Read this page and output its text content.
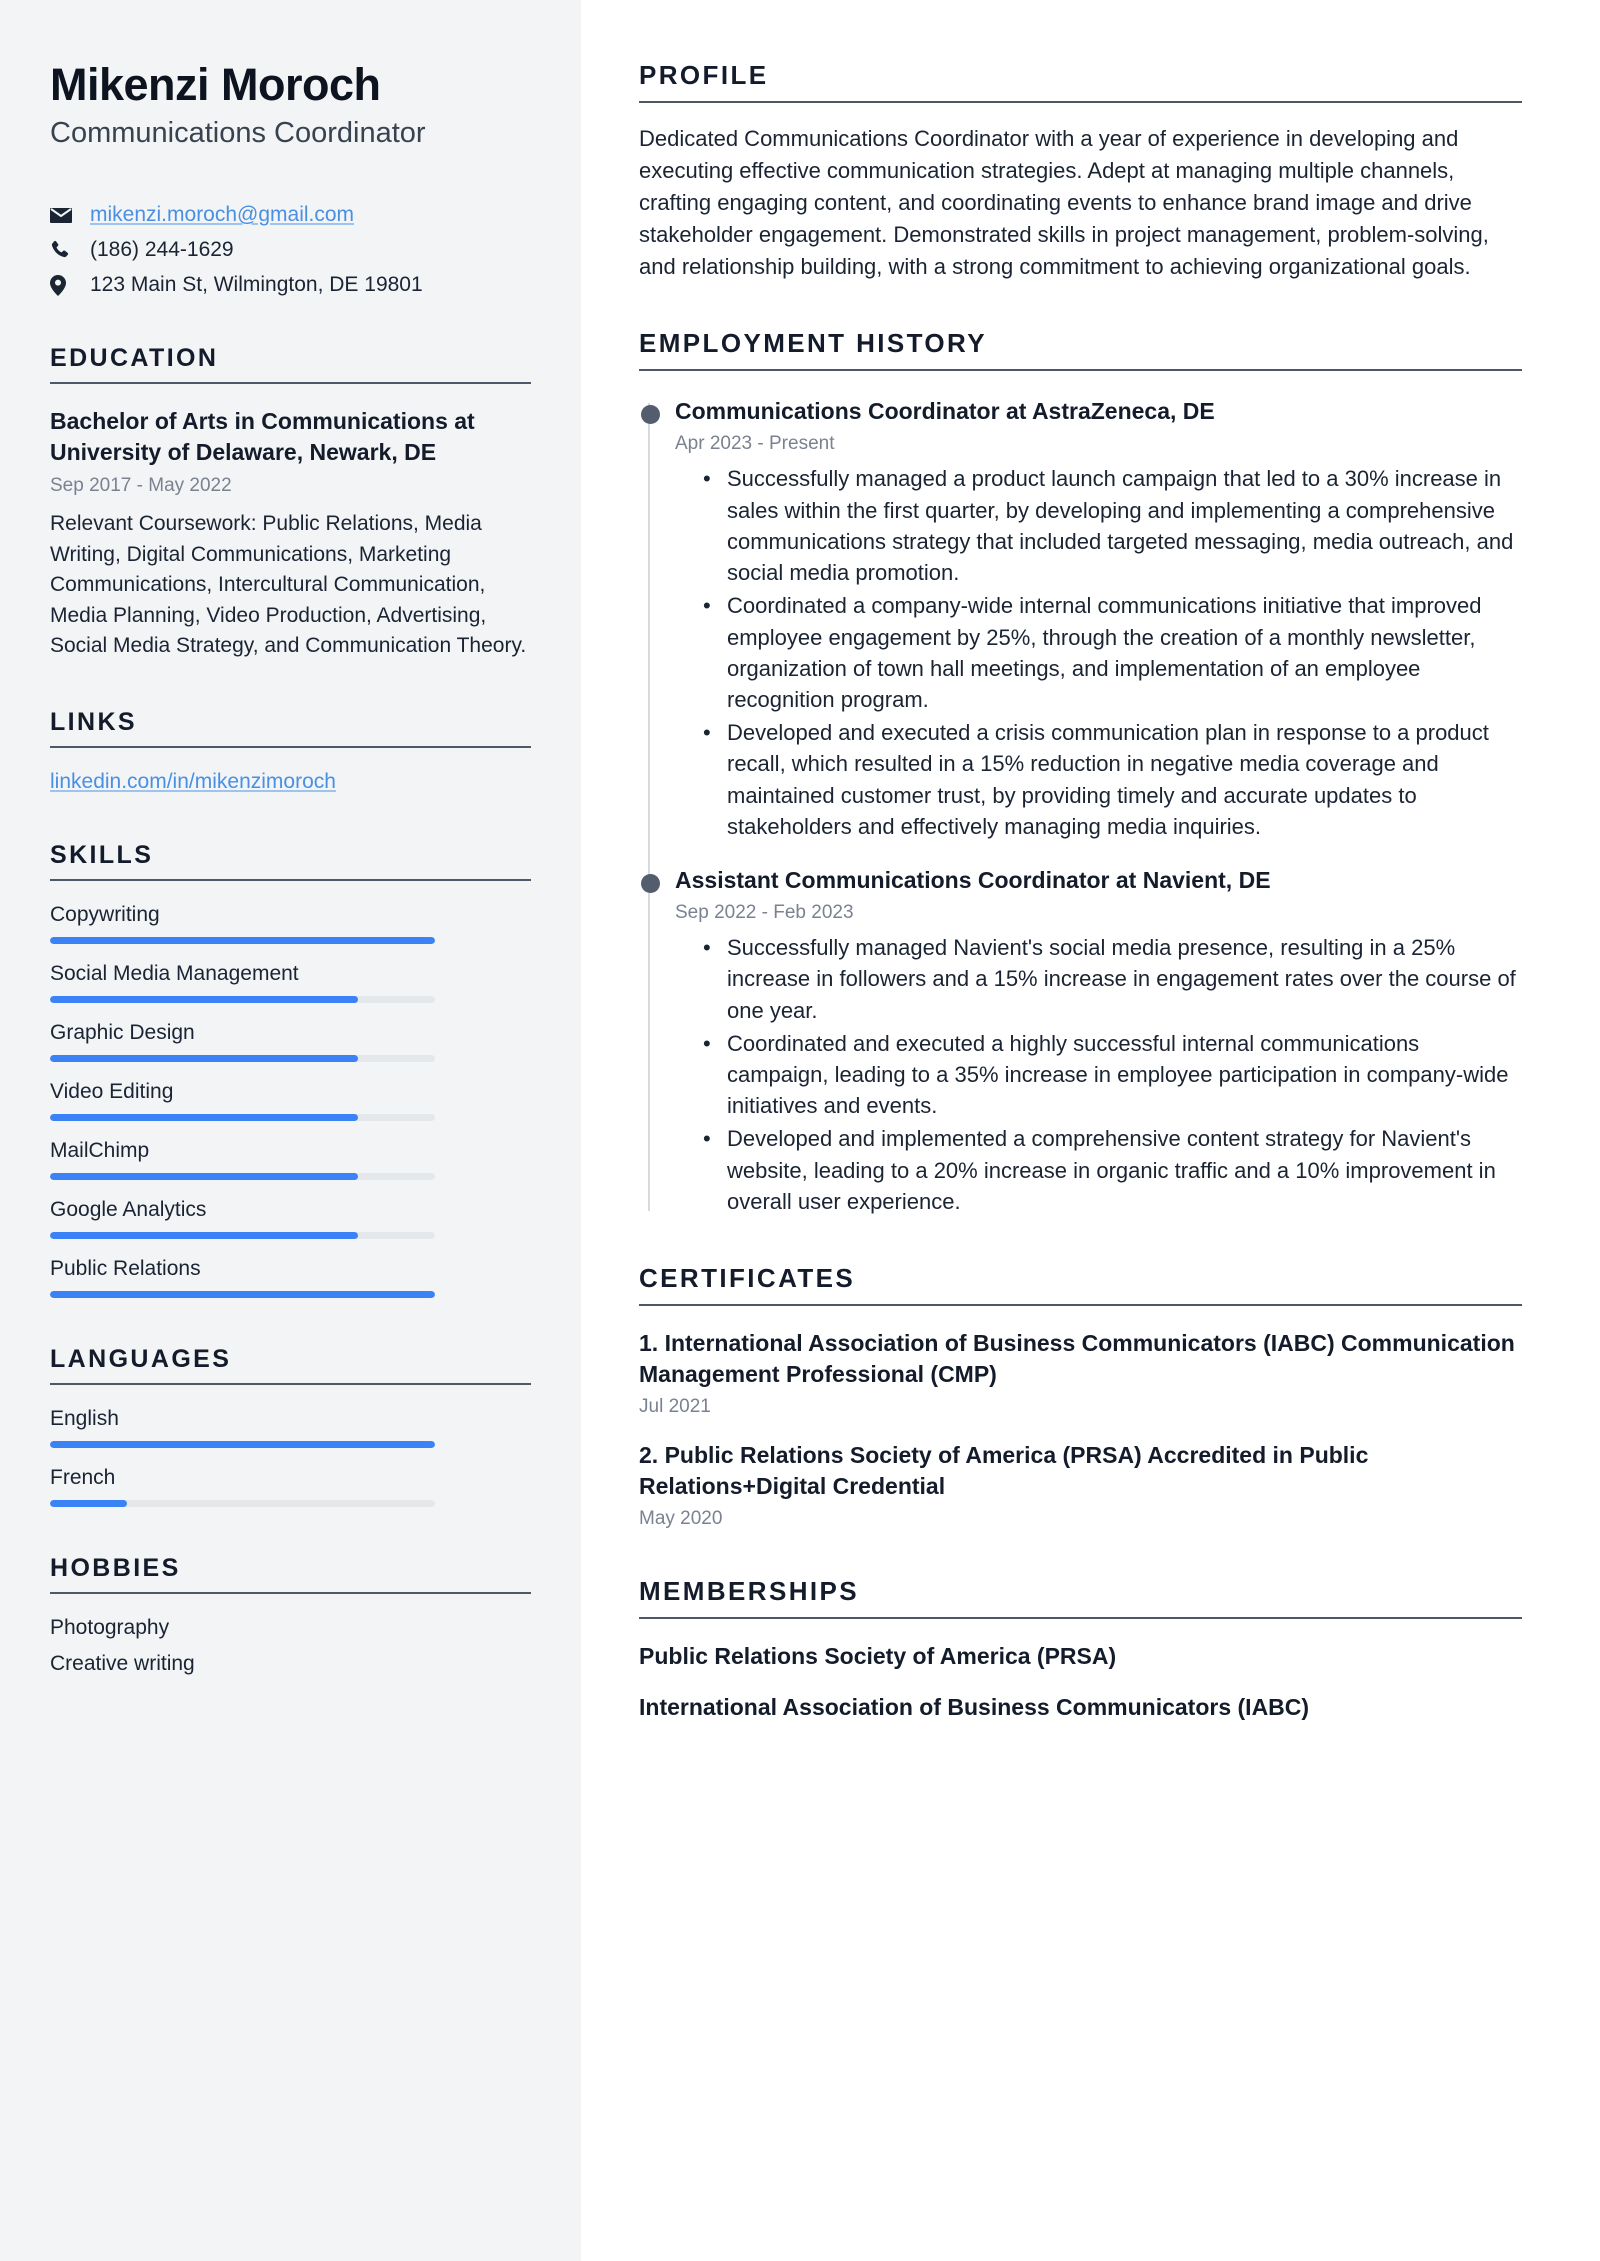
Mikenzi Moroch
Communications Coordinator
mikenzi.moroch@gmail.com
(186) 244-1629
123 Main St, Wilmington, DE 19801
EDUCATION
Bachelor of Arts in Communications at University of Delaware, Newark, DE
Sep 2017 - May 2022
Relevant Coursework: Public Relations, Media Writing, Digital Communications, Marketing Communications, Intercultural Communication, Media Planning, Video Production, Advertising, Social Media Strategy, and Communication Theory.
LINKS
linkedin.com/in/mikenzimoroch
SKILLS
Copywriting
Social Media Management
Graphic Design
Video Editing
MailChimp
Google Analytics
Public Relations
LANGUAGES
English
French
HOBBIES
Photography
Creative writing
PROFILE

Dedicated Communications Coordinator with a year of experience in developing and executing effective communication strategies. Adept at managing multiple channels, crafting engaging content, and coordinating events to enhance brand image and drive stakeholder engagement. Demonstrated skills in project management, problem-solving, and relationship building, with a strong commitment to achieving organizational goals.

EMPLOYMENT HISTORY
Communications Coordinator at AstraZeneca, DE
Apr 2023 - Present
• Successfully managed a product launch campaign that led to a 30% increase in sales within the first quarter, by developing and implementing a comprehensive communications strategy that included targeted messaging, media outreach, and social media promotion.
• Coordinated a company-wide internal communications initiative that improved employee engagement by 25%, through the creation of a monthly newsletter, organization of town hall meetings, and implementation of an employee recognition program.
• Developed and executed a crisis communication plan in response to a product recall, which resulted in a 15% reduction in negative media coverage and maintained customer trust, by providing timely and accurate updates to stakeholders and effectively managing media inquiries.
Assistant Communications Coordinator at Navient, DE
Sep 2022 - Feb 2023
• Successfully managed Navient's social media presence, resulting in a 25% increase in followers and a 15% increase in engagement rates over the course of one year.
• Coordinated and executed a highly successful internal communications campaign, leading to a 35% increase in employee participation in company-wide initiatives and events.
• Developed and implemented a comprehensive content strategy for Navient's website, leading to a 20% increase in organic traffic and a 10% improvement in overall user experience.
CERTIFICATES
1. International Association of Business Communicators (IABC) Communication Management Professional (CMP)
Jul 2021
2. Public Relations Society of America (PRSA) Accredited in Public Relations+Digital Credential
May 2020
MEMBERSHIPS
Public Relations Society of America (PRSA)
International Association of Business Communicators (IABC)
